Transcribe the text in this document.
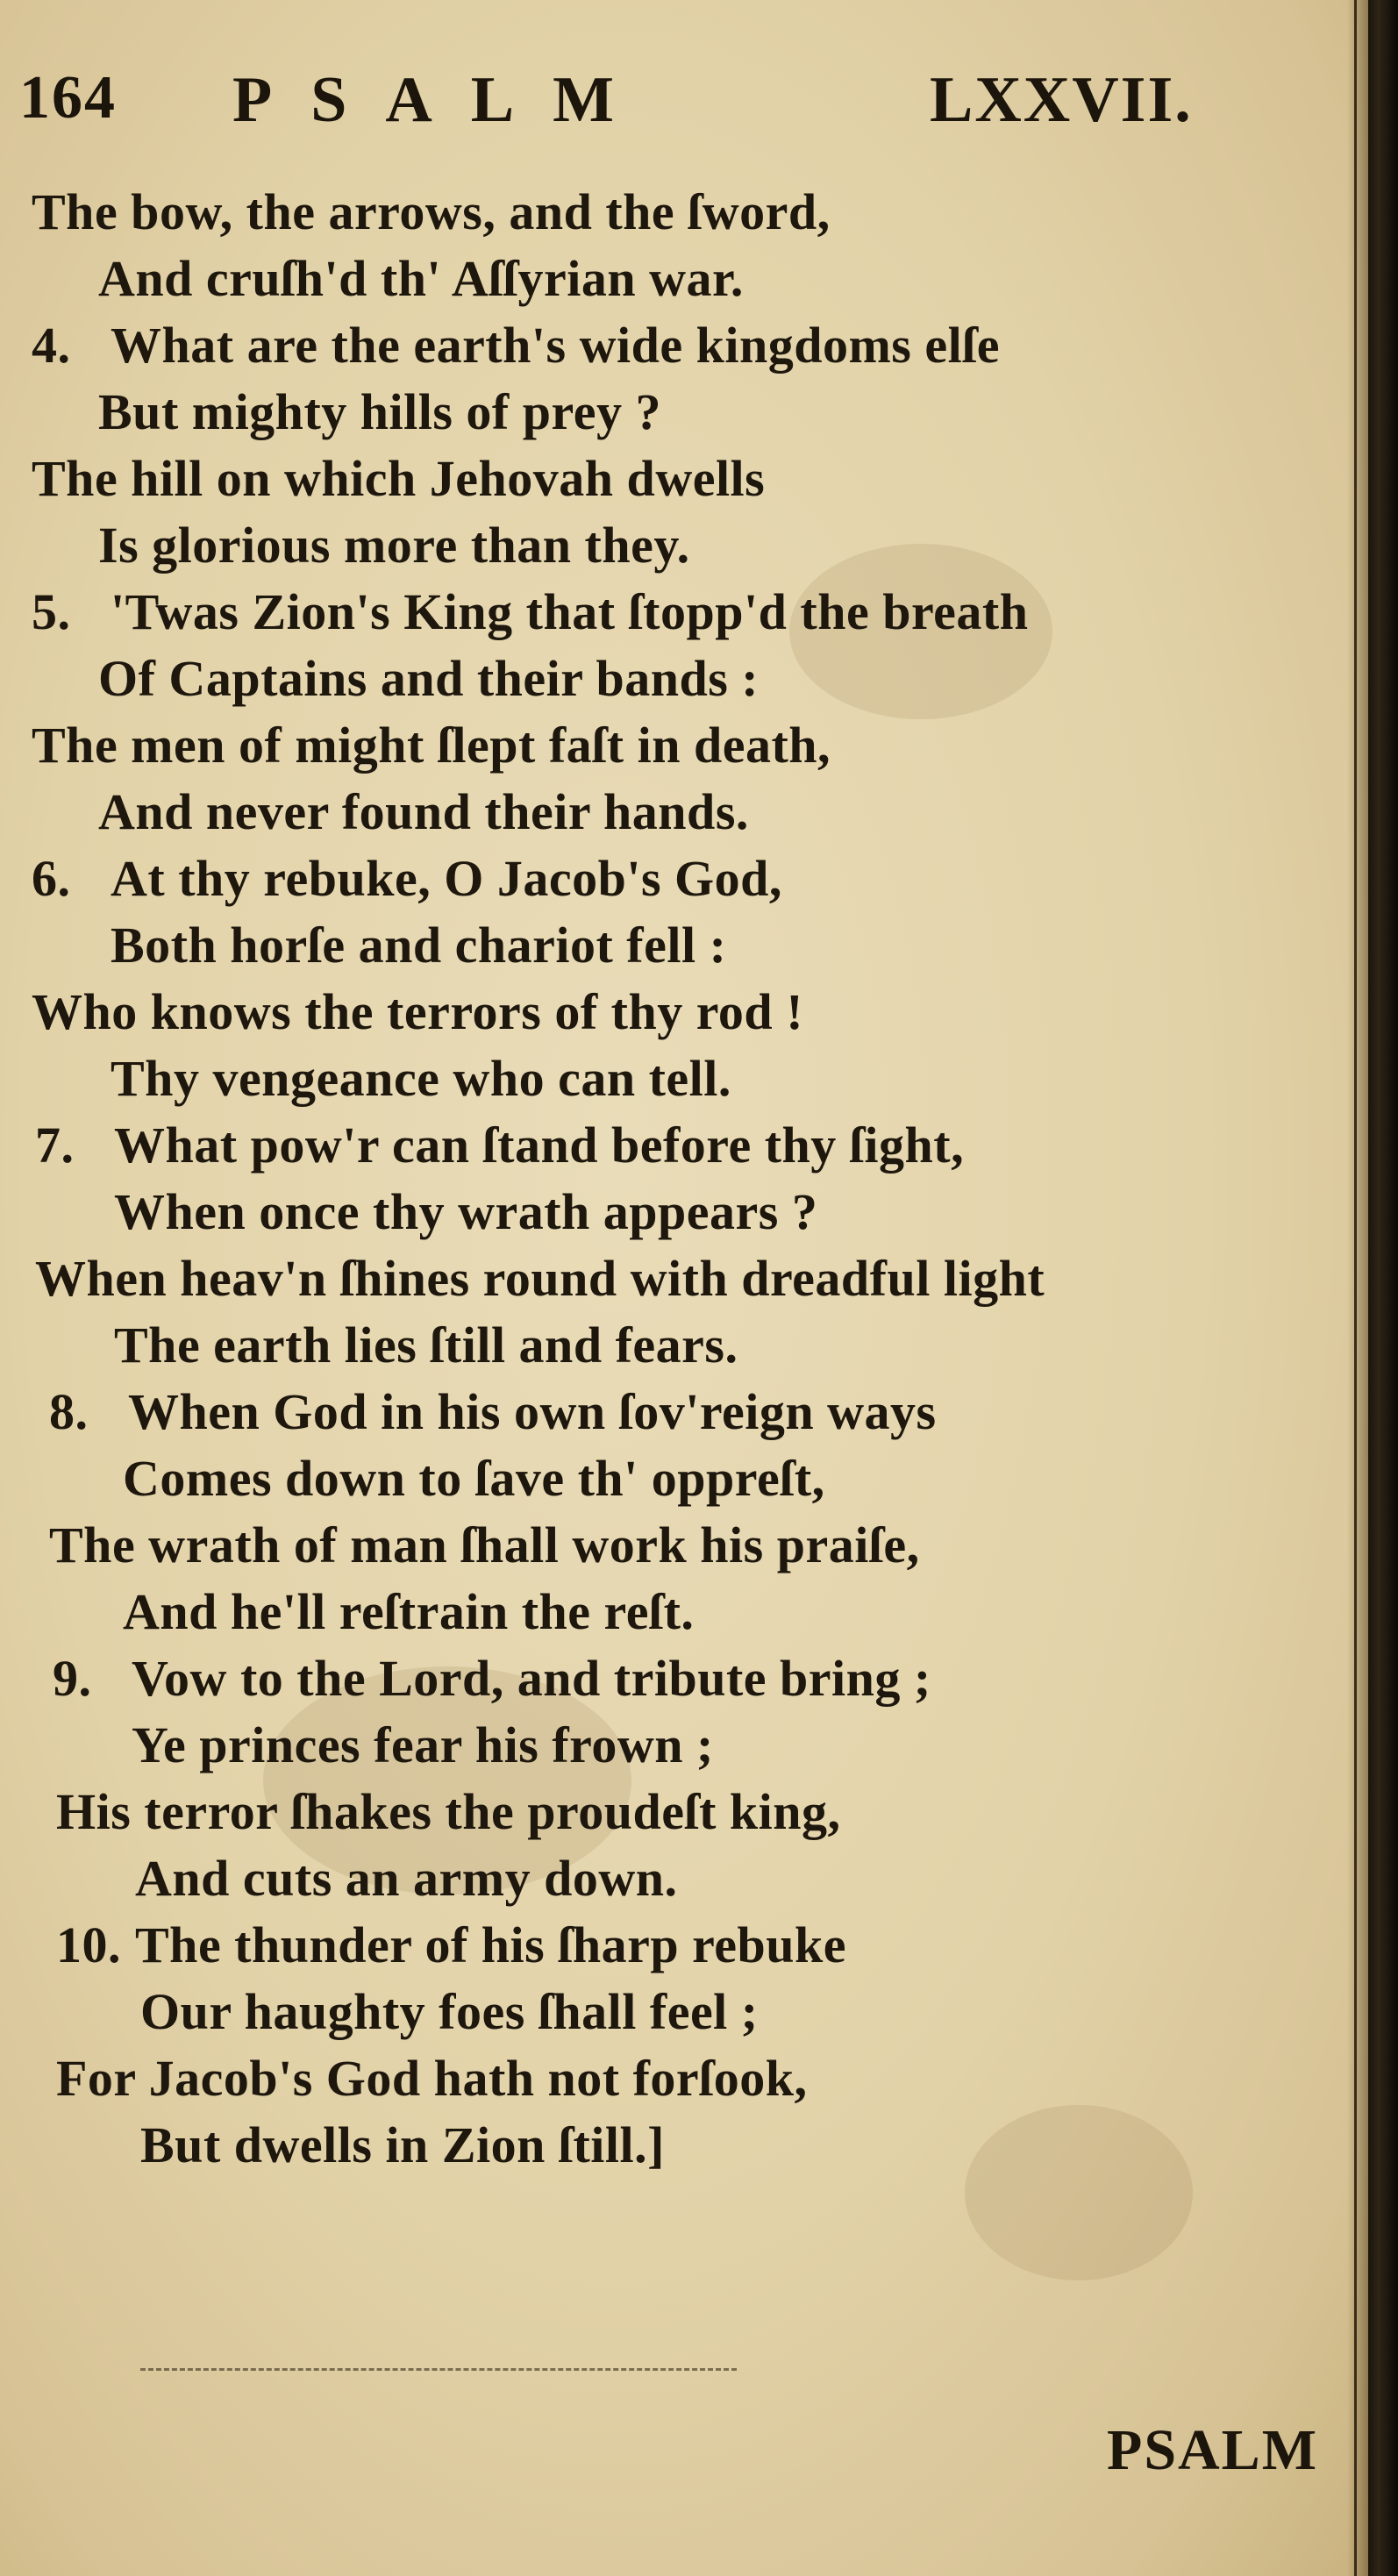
164 PSALM	LXXVII.
The bow, the arrows, and the ſword,
And cruſh'd th' Aſſyrian war.
4. What are the earth's wide kingdoms elſe
But mighty hills of prey ?
The hill on which Jehovah dwells
Is glorious more than they.
5. 'Twas Zion's King that ſtopp'd the breath
Of Captains and their bands :
The men of might ſlept faſt in death,
And never found their hands.
6. At thy rebuke, O Jacob's God,
Both horſe and chariot fell :
Who knows the terrors of thy rod !
Thy vengeance who can tell.
7. What pow'r can ſtand before thy ſight,
When once thy wrath appears ?
When heav'n ſhines round with dreadful light
The earth lies ſtill and fears.
8. When God in his own ſov'reign ways
Comes down to ſave th' oppreſt,
The wrath of man ſhall work his praiſe,
And he'll reſtrain the reſt.
9. Vow to the Lord, and tribute bring ;
Ye princes fear his frown ;
His terror ſhakes the proudeſt king,
And cuts an army down.
10. The thunder of his ſharp rebuke
Our haughty foes ſhall feel ;
For Jacob's God hath not forſook,
But dwells in Zion ſtill.]
PSALM
